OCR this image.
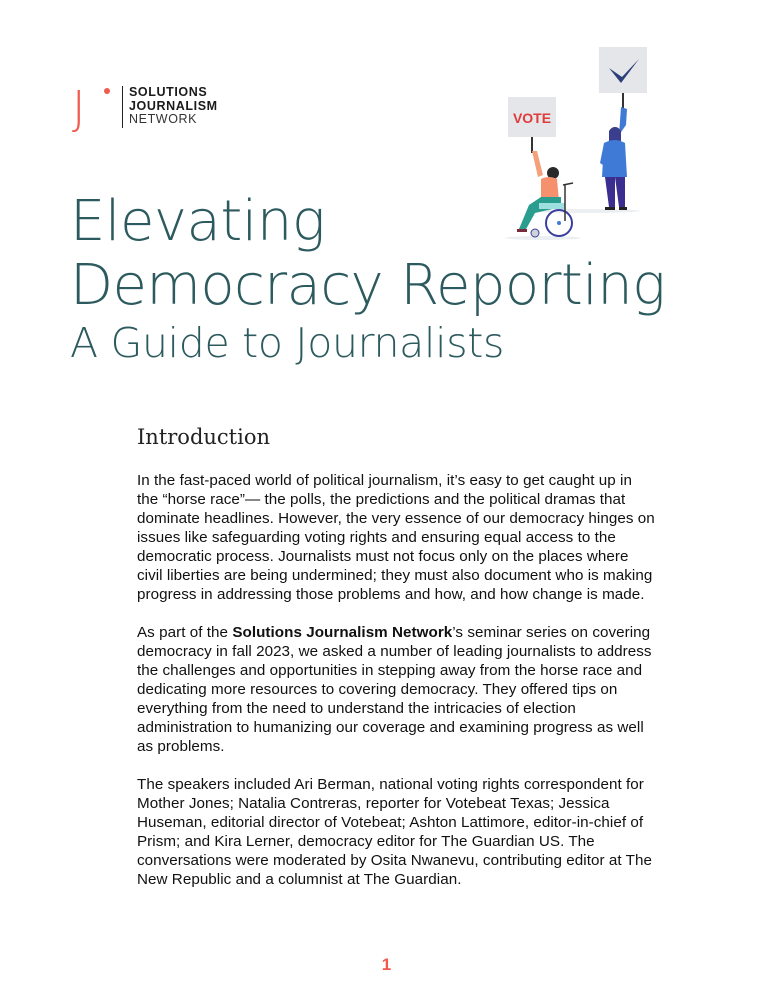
J	SOLUTIONS
JOURNALISM
NETWORK	VOTE
Elevating
Democracy Reporting
A Guide to Journalists
Introduction

In the fast-paced world of political journalism, it’s easy to get caught up in the “horse race”— the polls, the predictions and the political dramas that dominate headlines. However, the very essence of our democracy hinges on issues like safeguarding voting rights and ensuring equal access to the democratic process. Journalists must not focus only on the places where civil liberties are being undermined; they must also document who is making progress in addressing those problems and how, and how change is made.

As part of the Solutions Journalism Network’s seminar series on covering democracy in fall 2023, we asked a number of leading journalists to address the challenges and opportunities in stepping away from the horse race and dedicating more resources to covering democracy. They offered tips on everything from the need to understand the intricacies of election administration to humanizing our coverage and examining progress as well as problems.

The speakers included Ari Berman, national voting rights correspondent for Mother Jones; Natalia Contreras, reporter for Votebeat Texas; Jessica Huseman, editorial director of Votebeat; Ashton Lattimore, editor-in-chief of Prism; and Kira Lerner, democracy editor for The Guardian US. The conversations were moderated by Osita Nwanevu, contributing editor at The New Republic and a columnist at The Guardian.

1
